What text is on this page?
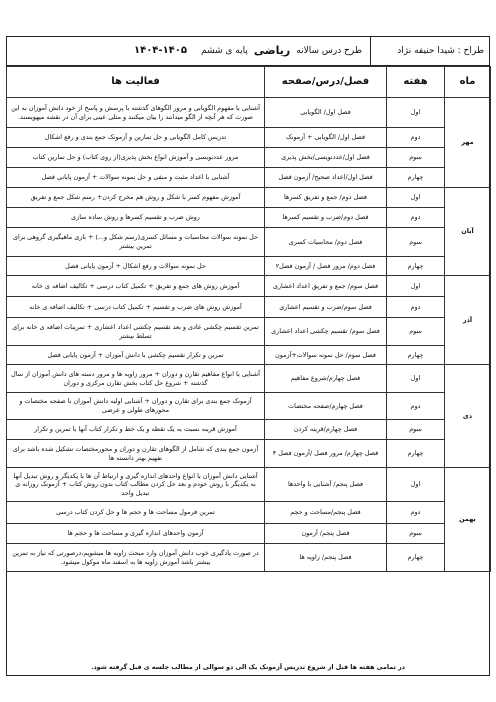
طراح : شیدا حنیفه نژاد
طرح درس سالانه
ریاضی
پایه ی ششم
۱۴۰۴-۱۴۰۵
ماه	هفته	فصل/درس/صفحه	فعالیت ها
مهر	اول	فصل اول/ الگویابی	آشنایی با مفهوم الگویابی و مرور الگوهای گذشته با پرسش و پاسخ از خود دانش آموزان به این صورت که هر آنچه از الگو میدانند را بیان میکنند و مثلی عینی برای آن در نقشه میهویسند.
	دوم	فصل اول/ الگویابی + آزمونک	تدریس کامل الگویابی و حل تمارین و آزمونک جمع بندی و رفع اشکال
	سوم	فصل اول/عددنویسی/بخش پذیری	مرور عددنویسی و آموزش انواع بخش پذیری(از روی کتاب) و حل تمارین کتاب
	چهارم	فصل اول/اعداد صحیح/ آزمون فصل	آشنایی با اعداد مثبت و منفی و حل نمونه سوالات + آزمون پایانی فصل
آبان	اول	فصل دوم/ جمع و تفریق کسرها	آموزش مفهوم کسر با شکل و روش هم مخرج کردن+ رسم شکل جمع و تفریق
	دوم	فصل دوم/ضرب و تقسیم کسرها	روش ضرب و تقسیم کسرها و روش ساده سازی
	سوم	فصل دوم/ محاسبات کسری	حل نمونه سوالات محاسبات و مسائل کسری(رسم شکل و...) + بازی ماهیگیری گروهی برای تمرین بیشتر
	چهارم	فصل دوم/ مرور فصل / آزمون فصل۲	حل نمونه سوالات و رفع اشکال + آزمون پایانی فصل
آذر	اول	فصل سوم/ جمع و تفریق اعداد اعشاری	آموزش روش های جمع و تفریق + تکمیل کتاب درسی + تکالیف اضافه ی خانه
	دوم	فصل سوم/ضرب و تقسیم اعشاری	آموزش روش های ضرب و تقسیم + تکمیل کتاب درسی + تکالیف اضافه ی خانه
	سوم	فصل سوم/ تقسیم چکشی اعداد اعشاری	تمرین تقسیم چکشی عادی و بعد تقسیم چکشی اعداد اعشاری + تمرینات اضافه ی خانه برای تسلط بیشتر
	چهارم	فصل سوم/ حل نمونه سوالات+آزمون	تمرین و تکرار تقسیم چکشی با دانش آموزان + آزمون پایانی فصل
دی	اول	فصل چهارم/شروع مفاهیم	آشنایی با انواع مفاهیم تقارن و دوران + مرور زاویه ها و مرور دسته های دانش آموزان از سال گذشته + شروع حل کتاب بخش تقارن مرکزی و دوران
	دوم	فصل چهارم/صفحه مختصات	آزمونک جمع بندی برای تقارن و دوران + آشنایی اولیه دانش آموزان با صفحه مختصات و محورهای طولی و عرضی
	سوم	فصل چهارم/قرینه کردن	آموزش قرینه نسبت به یک نقطه و یک خط و تکرار کتاب آنها با تمرین و تکرار
	چهارم	فصل چهارم/ مرور فصل /آزمون فصل ۴	آزمون جمع بندی که شامل از الگوهای تقارن و دوران و محورمختصات تشکیل شده باشد برای تفهیم بهتر دانسته ها
بهمن	اول	فصل پنجم/ آشنایی با واحدها	آشنایی دانش آموزان با انواع واحدهای اندازه گیری و ارتباط آن ها با یکدیگر و روش تبدیل آنها به یکدیگر با روش خودم و بعد حل کردن مطالب کتاب بدون روش کتاب + آزمونک روزانه ی تبدیل واحد
	دوم	فصل پنجم/مساحت و حجم	تمرین فرمول مساحت ها و حجم ها و حل کردن کتاب درسی
	سوم	فصل پنجم/ آزمون	آزمون واحدهای اندازه گیری و مساحت ها و حجم ها
	چهارم	فصل پنجم/ زاویه ها	در صورت یادگیری خوب دانش آموزان وارد مبحث زاویه ها میشویم،درصورتی که نیاز به تمرین بیشتر باشد آموزش زاویه ها به اسفند ماه موکول میشود.
در تمامی هفته ها قبل از شروع تدریس آزمونک یک الی دو سوالی از مطالب جلسه ی قبل گرفته شود.
